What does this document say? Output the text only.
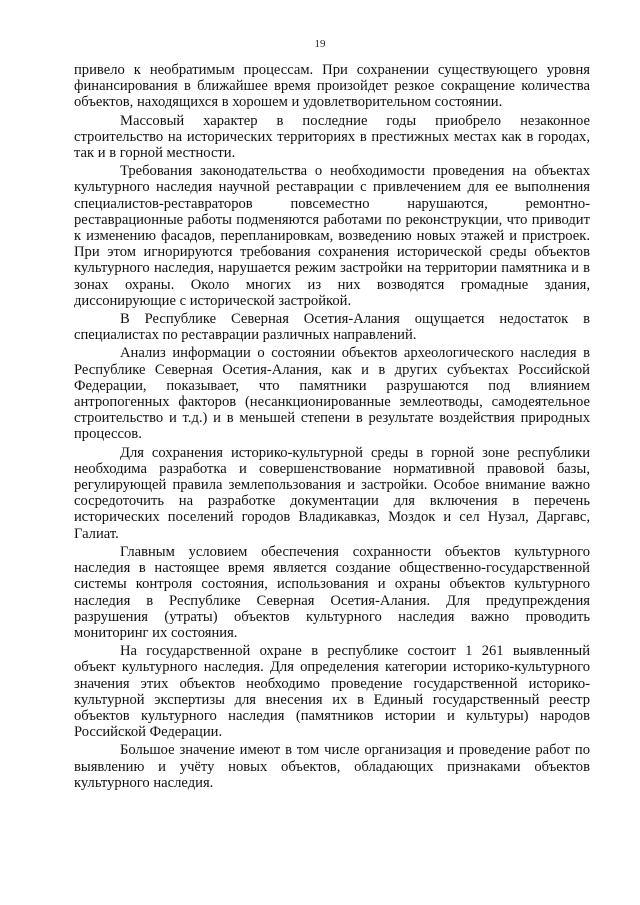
19

привело к необратимым процессам. При сохранении существующего уровня финансирования в ближайшее время произойдет резкое сокращение количества объектов, находящихся в хорошем и удовлетворительном состоянии.

Массовый характер в последние годы приобрело незаконное строительство на исторических территориях в престижных местах как в городах, так и в горной местности.

Требования законодательства о необходимости проведения на объектах культурного наследия научной реставрации с привлечением для ее выполнения специалистов-реставраторов повсеместно нарушаются, ремонтно-реставрационные работы подменяются работами по реконструкции, что приводит к изменению фасадов, перепланировкам, возведению новых этажей и пристроек. При этом игнорируются требования сохранения исторической среды объектов культурного наследия, нарушается режим застройки на территории памятника и в зонах охраны. Около многих из них возводятся громадные здания, диссонирующие с исторической застройкой.

В Республике Северная Осетия-Алания ощущается недостаток в специалистах по реставрации различных направлений.

Анализ информации о состоянии объектов археологического наследия в Республике Северная Осетия-Алания, как и в других субъектах Российской Федерации, показывает, что памятники разрушаются под влиянием антропогенных факторов (несанкционированные землеотводы, самодеятельное строительство и т.д.) и в меньшей степени в результате воздействия природных процессов.

Для сохранения историко-культурной среды в горной зоне республики необходима разработка и совершенствование нормативной правовой базы, регулирующей правила землепользования и застройки. Особое внимание важно сосредоточить на разработке документации для включения в перечень исторических поселений городов Владикавказ, Моздок и сел Нузал, Даргавс, Галиат.

Главным условием обеспечения сохранности объектов культурного наследия в настоящее время является создание общественно-государственной системы контроля состояния, использования и охраны объектов культурного наследия в Республике Северная Осетия-Алания. Для предупреждения разрушения (утраты) объектов культурного наследия важно проводить мониторинг их состояния.

На государственной охране в республике состоит 1 261 выявленный объект культурного наследия. Для определения категории историко-культурного значения этих объектов необходимо проведение государственной историко-культурной экспертизы для внесения их в Единый государственный реестр объектов культурного наследия (памятников истории и культуры) народов Российской Федерации.

Большое значение имеют в том числе организация и проведение работ по выявлению и учёту новых объектов, обладающих признаками объектов культурного наследия.
